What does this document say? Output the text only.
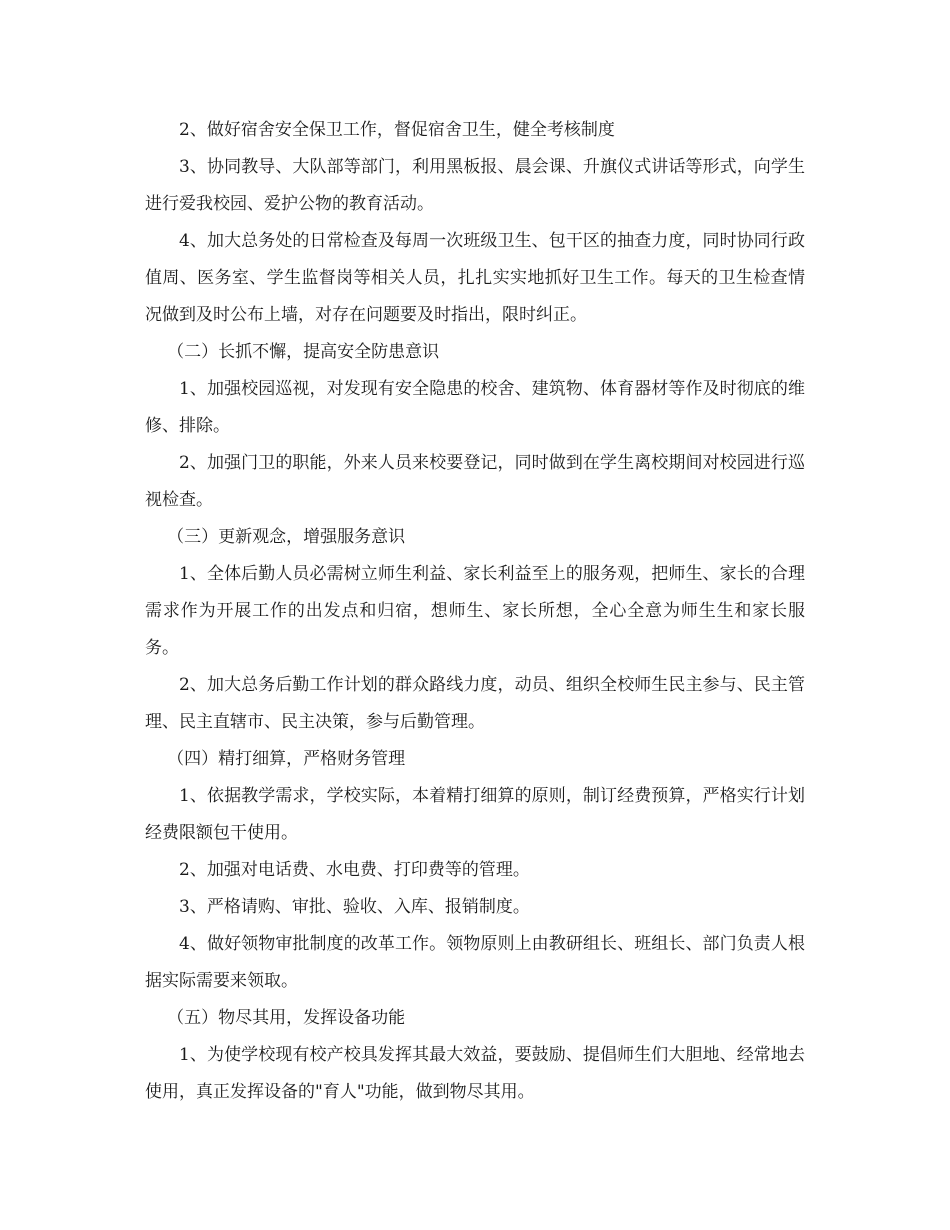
2、做好宿舍安全保卫工作，督促宿舍卫生，健全考核制度

3、协同教导、大队部等部门，利用黑板报、晨会课、升旗仪式讲话等形式，向学生进行爱我校园、爱护公物的教育活动。

4、加大总务处的日常检查及每周一次班级卫生、包干区的抽查力度，同时协同行政值周、医务室、学生监督岗等相关人员，扎扎实实地抓好卫生工作。每天的卫生检查情况做到及时公布上墙，对存在问题要及时指出，限时纠正。

（二）长抓不懈，提高安全防患意识

1、加强校园巡视，对发现有安全隐患的校舍、建筑物、体育器材等作及时彻底的维修、排除。

2、加强门卫的职能，外来人员来校要登记，同时做到在学生离校期间对校园进行巡视检查。

（三）更新观念，增强服务意识

1、全体后勤人员必需树立师生利益、家长利益至上的服务观，把师生、家长的合理需求作为开展工作的出发点和归宿，想师生、家长所想，全心全意为师生生和家长服务。

2、加大总务后勤工作计划的群众路线力度，动员、组织全校师生民主参与、民主管理、民主直辖市、民主决策，参与后勤管理。

（四）精打细算，严格财务管理

1、依据教学需求，学校实际，本着精打细算的原则，制订经费预算，严格实行计划经费限额包干使用。

2、加强对电话费、水电费、打印费等的管理。

3、严格请购、审批、验收、入库、报销制度。

4、做好领物审批制度的改革工作。领物原则上由教研组长、班组长、部门负责人根据实际需要来领取。

（五）物尽其用，发挥设备功能

1、为使学校现有校产校具发挥其最大效益，要鼓励、提倡师生们大胆地、经常地去使用，真正发挥设备的"育人"功能，做到物尽其用。
